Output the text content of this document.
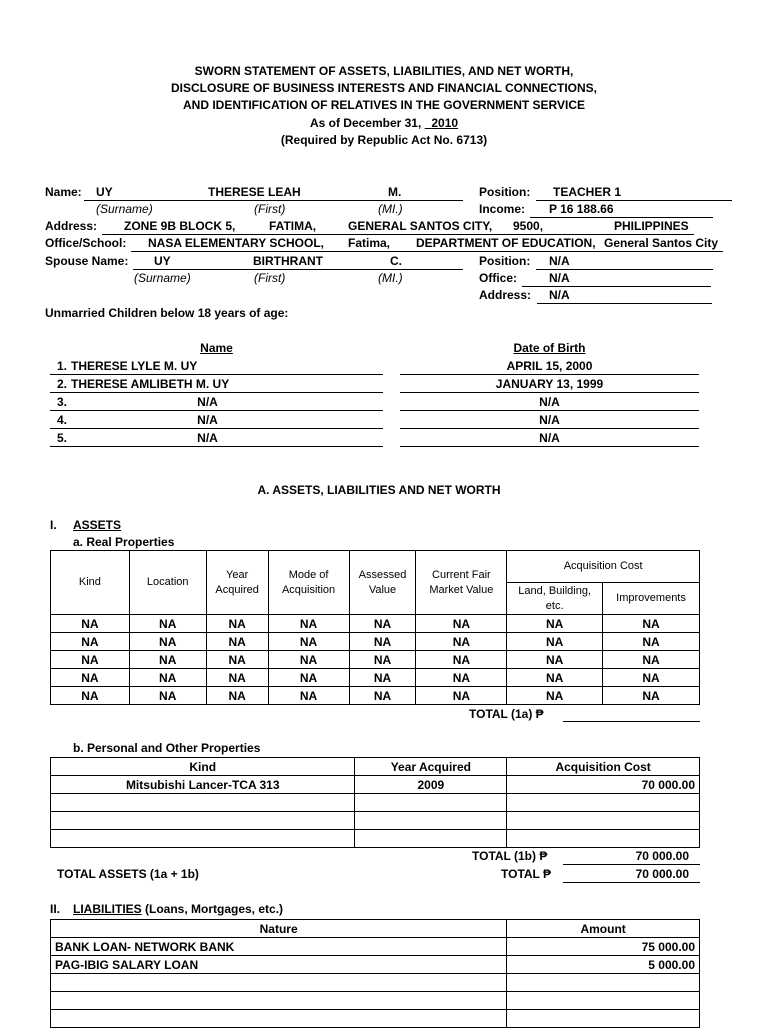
SWORN STATEMENT OF ASSETS, LIABILITIES, AND NET WORTH,
DISCLOSURE OF BUSINESS INTERESTS AND FINANCIAL CONNECTIONS,
AND IDENTIFICATION OF RELATIVES IN THE GOVERNMENT SERVICE
As of December 31, 2010
(Required by Republic Act No. 6713)
Name: UY	THERESE LEAH	M.
(Surname)	(First)	(MI.)
Position: TEACHER 1
Income: P 16 188.66
Address: ZONE 9B BLOCK 5,	FATIMA,	GENERAL SANTOS CITY, 9500,	PHILIPPINES
Office/School: NASA ELEMENTARY SCHOOL, Fatima, DEPARTMENT OF EDUCATION, General Santos City
Spouse Name: UY	BIRTHRANT	C.
(Surname)	(First)	(MI.)
Position: N/A
Office:	N/A
Address: N/A
Unmarried Children below 18 years of age:
Name	Date of Birth
1. THERESE LYLE M. UY	APRIL 15, 2000
2. THERESE AMLIBETH M. UY	JANUARY 13, 1999
3.	N/A	N/A
4.	N/A	N/A
5.	N/A	N/A
A. ASSETS, LIABILITIES AND NET WORTH
I. ASSETS
a. Real Properties
Kind	Location	Year Acquired	Mode of Acquisition	Assessed Value	Current Fair Market Value	Acquisition Cost	
						Land, Building, etc.	Improvements
NA	NA	NA	NA	NA	NA	NA	NA
NA	NA	NA	NA	NA	NA	NA	NA
NA	NA	NA	NA	NA	NA	NA	NA
NA	NA	NA	NA	NA	NA	NA	NA
NA	NA	NA	NA	NA	NA	NA	NA
TOTAL (1a) ₱
b. Personal and Other Properties
Kind	Year Acquired	Acquisition Cost
Mitsubishi Lancer-TCA 313	2009	70 000.00

TOTAL (1b) ₱	70 000.00
TOTAL ASSETS (1a + 1b)	TOTAL ₱	70 000.00
II. LIABILITIES (Loans, Mortgages, etc.)
Nature	Amount
BANK LOAN- NETWORK BANK	75 000.00
PAG-IBIG SALARY LOAN	5 000.00
